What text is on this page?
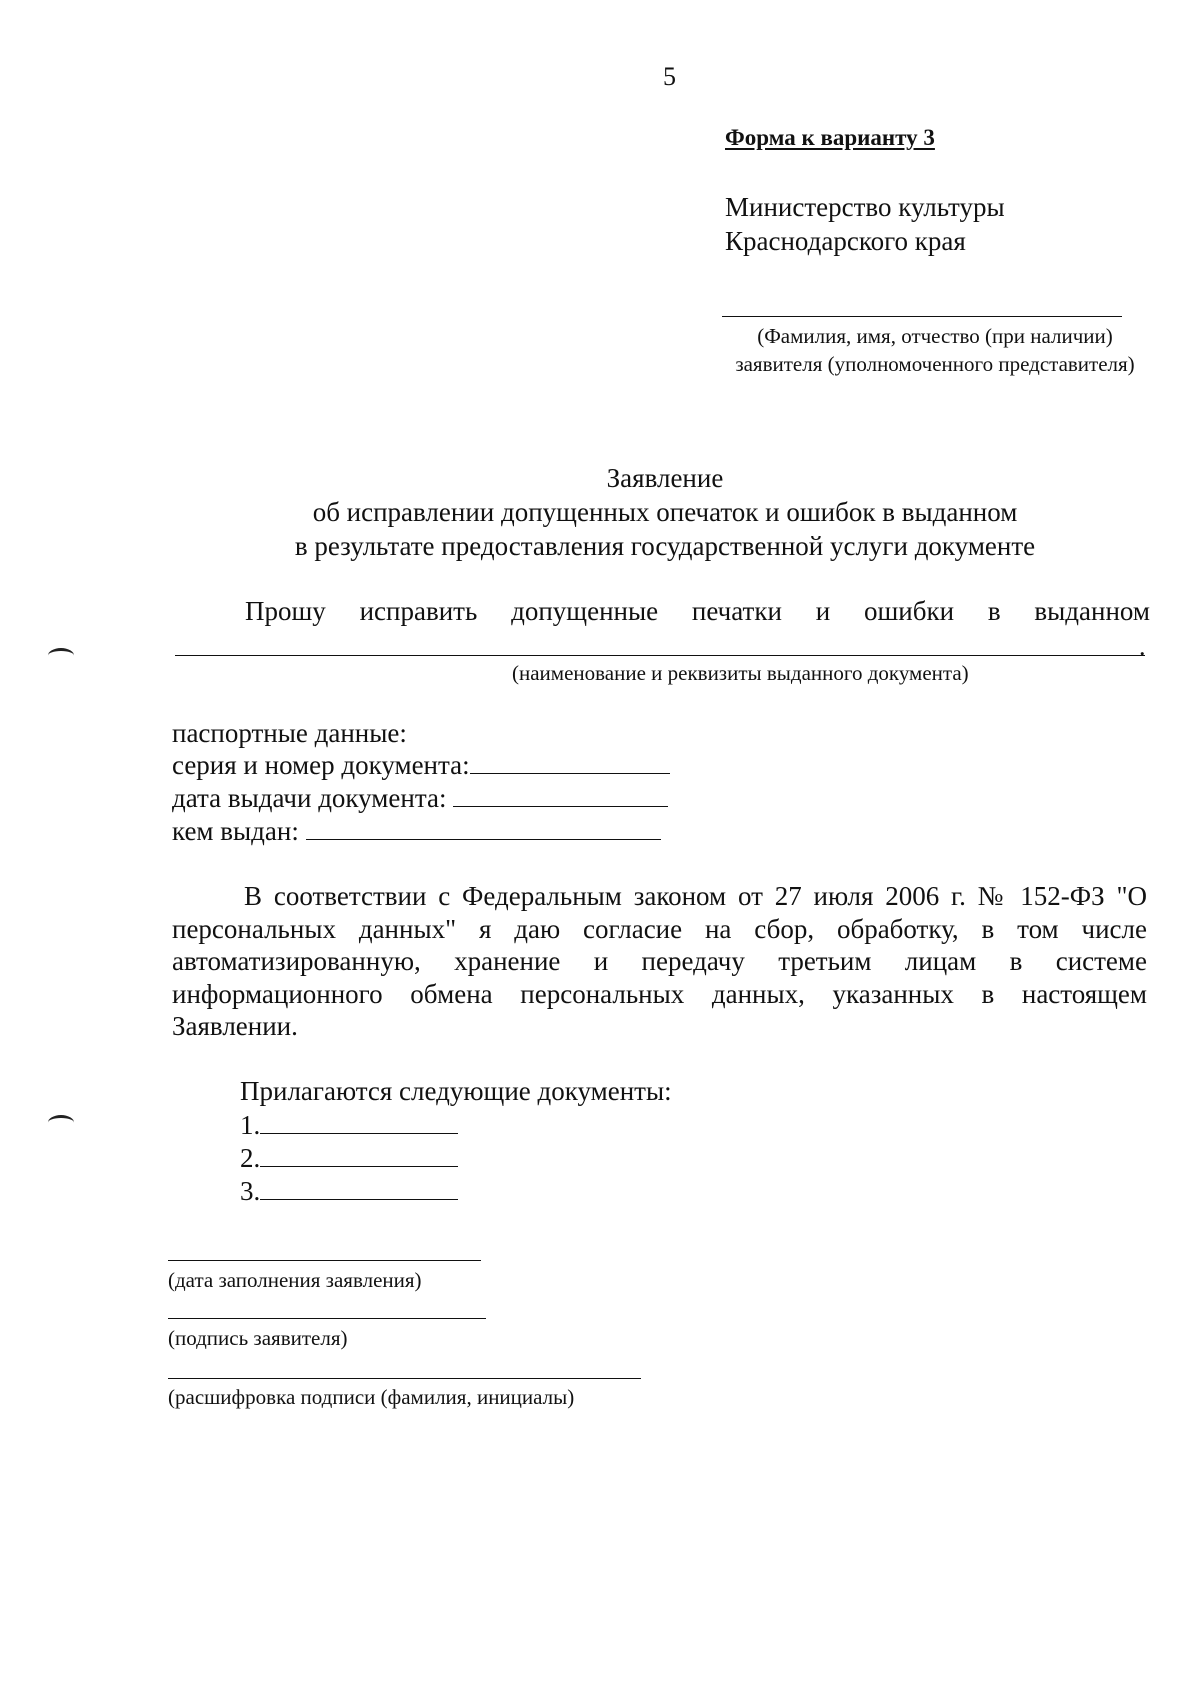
5
Форма к варианту 3
Министерство культуры
Краснодарского края
(Фамилия, имя, отчество (при наличии) заявителя (уполномоченного представителя)
Заявление
об исправлении допущенных опечаток и ошибок в выданном
в результате предоставления государственной услуги документе
Прошу исправить допущенные печатки и ошибки в выданном
.
(наименование и реквизиты выданного документа)
паспортные данные:
серия и номер документа:
дата выдачи документа:
кем выдан:
В соответствии с Федеральным законом от 27 июля 2006 г. № 152-ФЗ "О персональных данных" я даю согласие на сбор, обработку, в том числе автоматизированную, хранение и передачу третьим лицам в системе информационного обмена персональных данных, указанных в настоящем Заявлении.
Прилагаются следующие документы:
1.
2.
3.
(дата заполнения заявления)
(подпись заявителя)
(расшифровка подписи (фамилия, инициалы)
